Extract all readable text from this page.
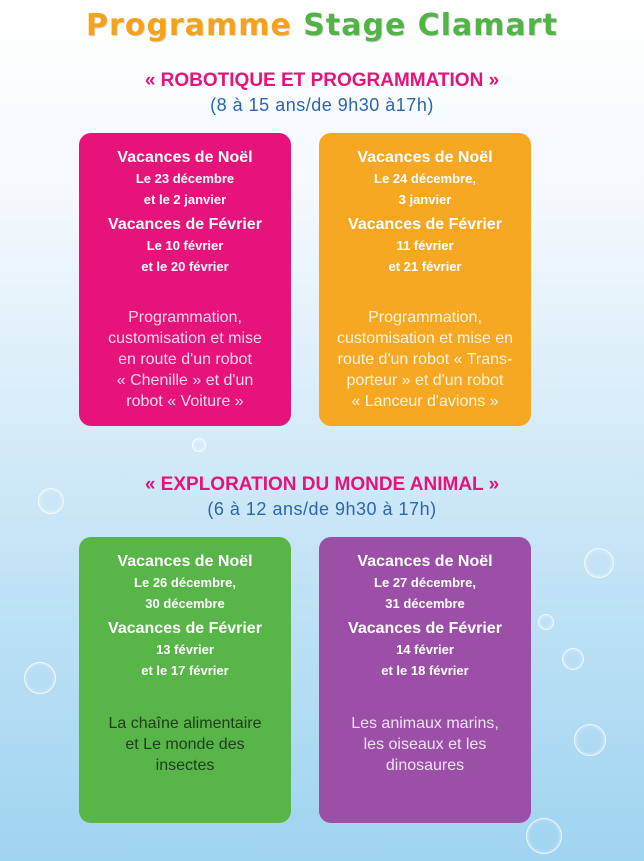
Programme Stage Clamart
« ROBOTIQUE ET PROGRAMMATION »
(8 à 15 ans/de 9h30 à17h)

Vacances de Noël

Le 23 décembre

et le 2 janvier

Vacances de Février

Le 10 février

et le 20 février

Programmation,
customisation et mise
en route d'un robot
« Chenille » et d'un
robot « Voiture »

Vacances de Noël

Le 24 décembre,

3 janvier

Vacances de Février

11 février

et 21 février

Programmation,
customisation et mise en
route d'un robot « Trans-
porteur » et d'un robot
« Lanceur d'avions »
« EXPLORATION DU MONDE ANIMAL »
(6 à 12 ans/de 9h30 à 17h)

Vacances de Noël

Le 26 décembre,

30 décembre

Vacances de Février

13 février

et le 17 février

La chaîne alimentaire
et Le monde des
insectes

Vacances de Noël

Le 27 décembre,

31 décembre

Vacances de Février

14 février

et le 18 février

Les animaux marins,
les oiseaux et les
dinosaures
